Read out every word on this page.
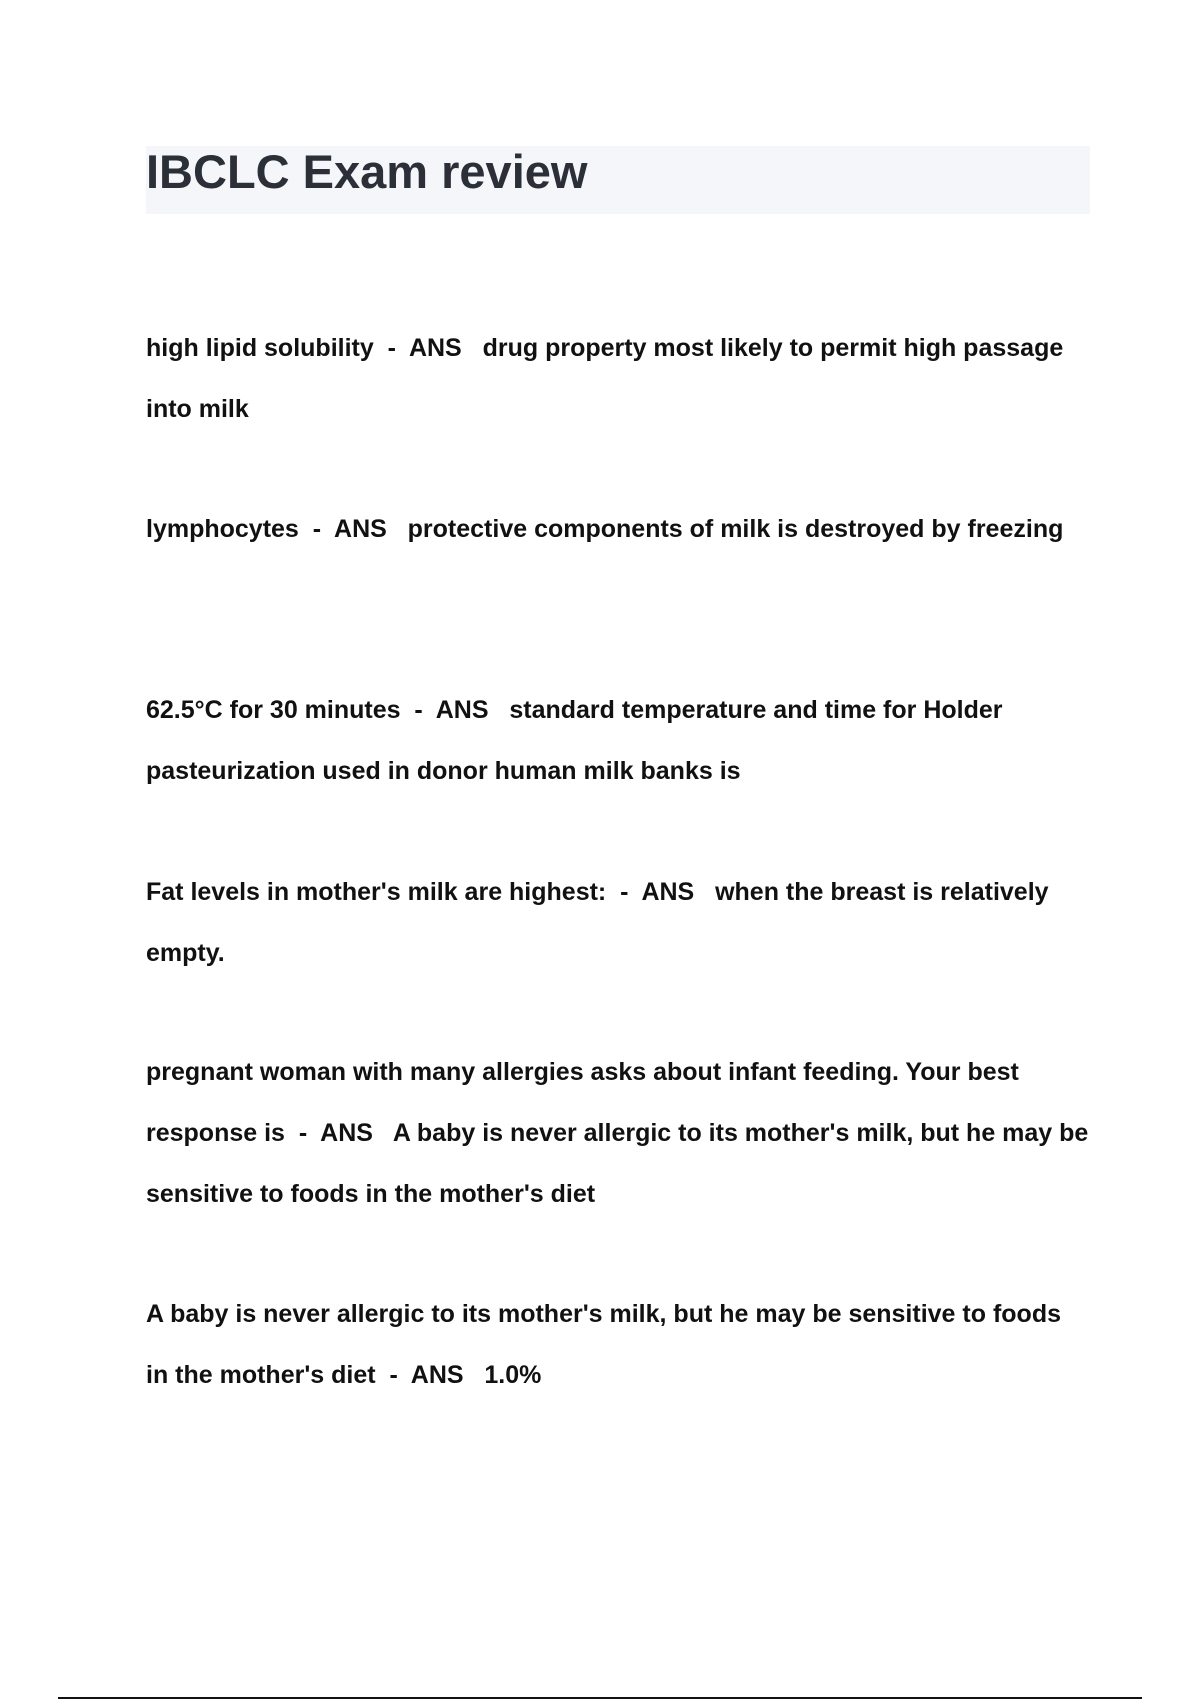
IBCLC Exam review

high lipid solubility  -  ANS   drug property most likely to permit high passage into milk

lymphocytes  -  ANS   protective components of milk is destroyed by freezing

62.5°C for 30 minutes  -  ANS   standard temperature and time for Holder pasteurization used in donor human milk banks is

Fat levels in mother's milk are highest:  -  ANS   when the breast is relatively empty.

pregnant woman with many allergies asks about infant feeding. Your best response is  -  ANS   A baby is never allergic to its mother's milk, but he may be sensitive to foods in the mother's diet

A baby is never allergic to its mother's milk, but he may be sensitive to foods in the mother's diet  -  ANS   1.0%
